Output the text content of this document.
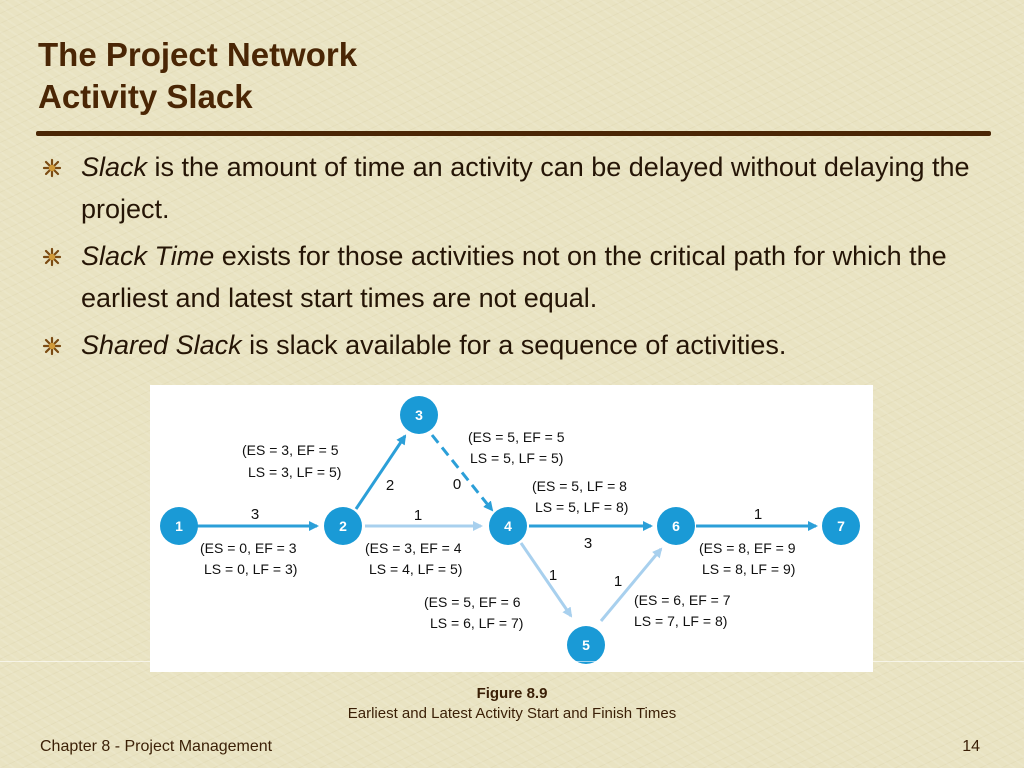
The Project Network
Activity Slack
Slack is the amount of time an activity can be delayed without delaying the project.
Slack Time exists for those activities not on the critical path for which the earliest and latest start times are not equal.
Shared Slack is slack available for a sequence of activities.
3
2	0
1
3
1	1
1
1	2
3
4
5
6	7
(ES = 3, EF = 5
LS = 3, LF = 5)
(ES = 5, EF = 5
LS = 5, LF = 5)
(ES = 5, LF = 8
LS = 5, LF = 8)
(ES = 0, EF = 3
LS = 0, LF = 3)
(ES = 3, EF = 4
LS = 4, LF = 5)
(ES = 8, EF = 9
LS = 8, LF = 9)
(ES = 5, EF = 6
LS = 6, LF = 7)
(ES = 6, EF = 7
LS = 7, LF = 8)
Figure 8.9
Earliest and Latest Activity Start and Finish Times
Chapter 8 - Project Management	14
